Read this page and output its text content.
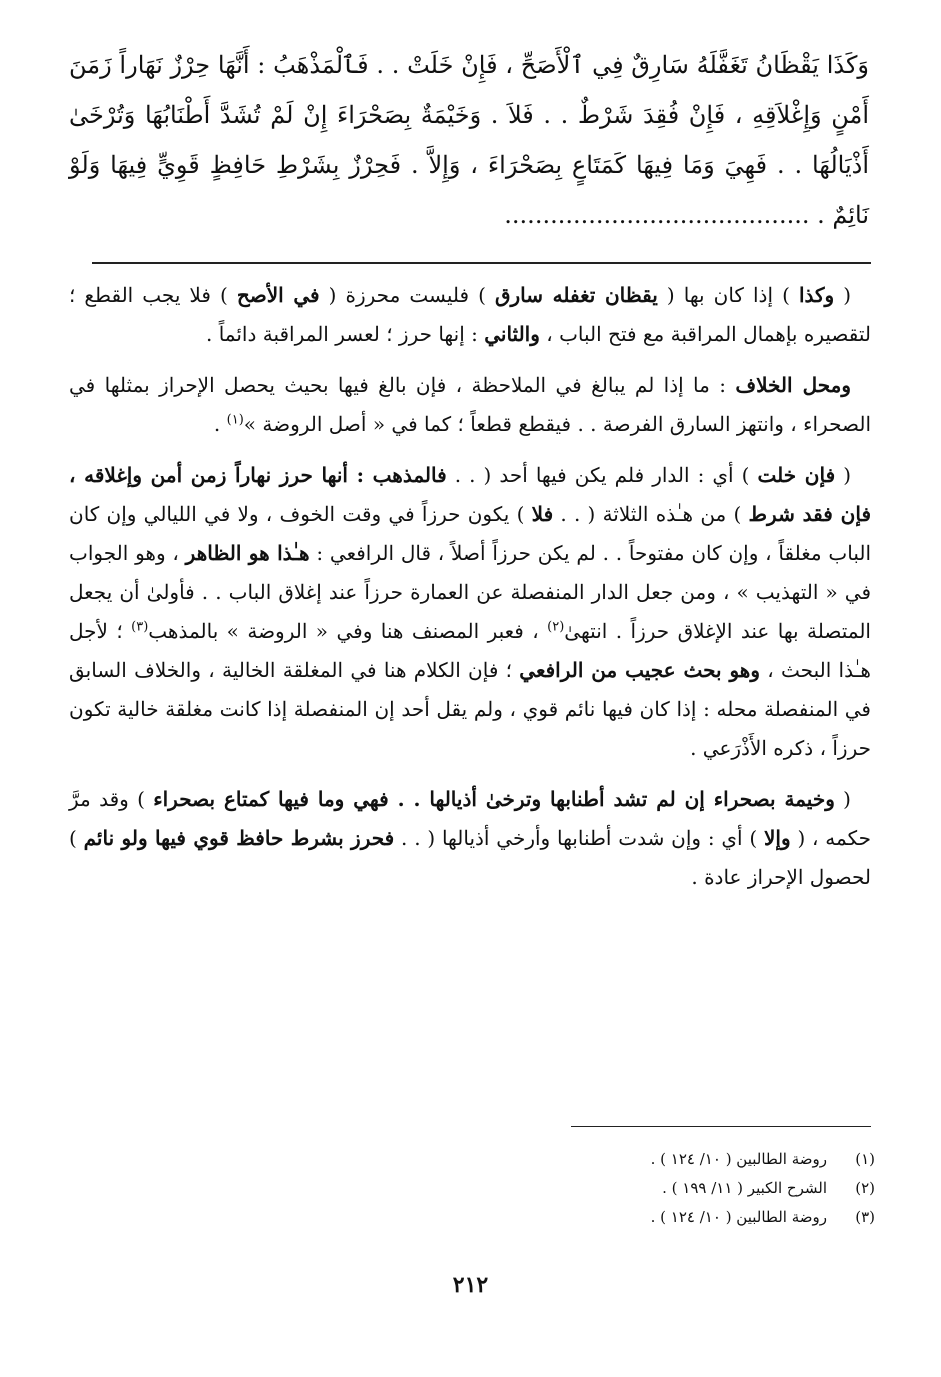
وَكَذَا يَقْظَانُ تَغَفَّلَهُ سَارِقٌ فِي ٱلْأَصَحِّ ، فَإِنْ خَلَتْ . . فَٱلْمَذْهَبُ : أَنَّهَا حِرْزٌ نَهَاراً زَمَنَ أَمْنٍ وَإِغْلاَقِهِ ، فَإِنْ فُقِدَ شَرْطٌ . . فَلاَ . وَخَيْمَةٌ بِصَحْرَاءَ إِنْ لَمْ تُشَدَّ أَطْنَابُهَا وَتُرْخَىٰ أَذْيَالُهَا . . فَهِيَ وَمَا فِيهَا كَمَتَاعٍ بِصَحْرَاءَ ، وَإِلاَّ . فَحِرْزٌ بِشَرْطِ حَافِظٍ قَوِيٍّ فِيهَا وَلَوْ نَائِمٌ . ........................................

( وكذا ) إذا كان بها ( يقظان تغفله سارق ) فليست محرزة ( في الأصح ) فلا يجب القطع ؛ لتقصيره بإهمال المراقبة مع فتح الباب ، والثاني : إنها حرز ؛ لعسر المراقبة دائماً .

ومحل الخلاف : ما إذا لم يبالغ في الملاحظة ، فإن بالغ فيها بحيث يحصل الإحراز بمثلها في الصحراء ، وانتهز السارق الفرصة . . فيقطع قطعاً ؛ كما في « أصل الروضة »$^{(١)}$ .

( فإن خلت ) أي : الدار فلم يكن فيها أحد ( . . فالمذهب : أنها حرز نهاراً زمن أمن وإغلاقه ، فإن فقد شرط ) من هـٰذه الثلاثة ( . . فلا ) يكون حرزاً في وقت الخوف ، ولا في الليالي وإن كان الباب مغلقاً ، وإن كان مفتوحاً . . لم يكن حرزاً أصلاً ، قال الرافعي : هـٰذا هو الظاهر ، وهو الجواب في « التهذيب » ، ومن جعل الدار المنفصلة عن العمارة حرزاً عند إغلاق الباب . . فأولىٰ أن يجعل المتصلة بها عند الإغلاق حرزاً . انتهىٰ$^{(٢)}$ ، فعبر المصنف هنا وفي « الروضة » بالمذهب$^{(٣)}$ ؛ لأجل هـٰذا البحث ، وهو بحث عجيب من الرافعي ؛ فإن الكلام هنا في المغلقة الخالية ، والخلاف السابق في المنفصلة محله : إذا كان فيها نائم قوي ، ولم يقل أحد إن المنفصلة إذا كانت مغلقة خالية تكون حرزاً ، ذكره الأَذْرَعي .

( وخيمة بصحراء إن لم تشد أطنابها وترخىٰ أذيالها . . فهي وما فيها كمتاع بصحراء ) وقد مرَّ حكمه ، ( وإلا ) أي : وإن شدت أطنابها وأرخي أذيالها ( . . فحرز بشرط حافظ قوي فيها ولو نائم ) لحصول الإحراز عادة .

(١)
روضة الطالبين ( ١٠/ ١٢٤ ) .
(٢)
الشرح الكبير ( ١١/ ١٩٩ ) .
(٣)
روضة الطالبين ( ١٠/ ١٢٤ ) .
٢١٢
